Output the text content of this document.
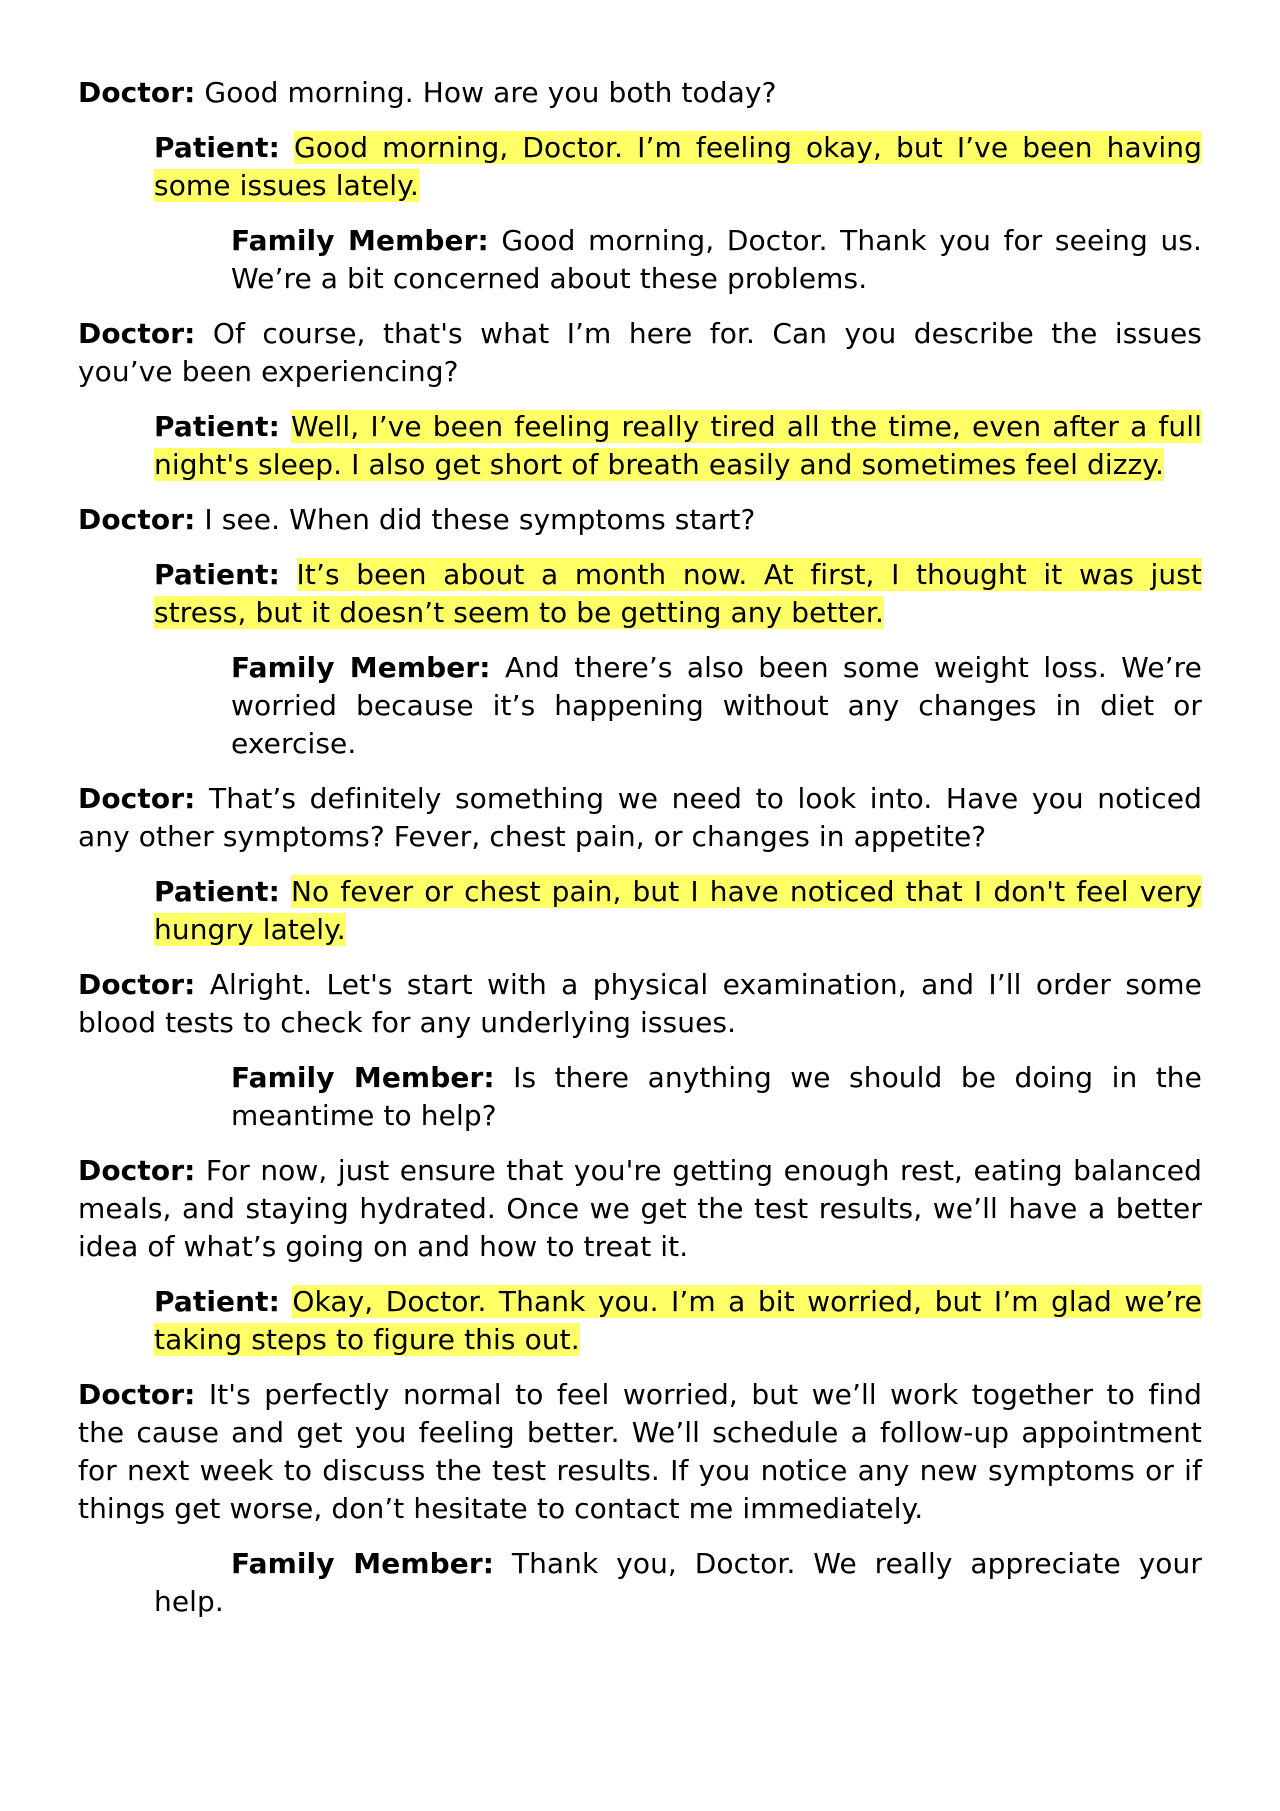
Doctor: Good morning. How are you both today?

Patient: Good morning, Doctor. I’m feeling okay, but I’ve been having some issues lately.

Family Member: Good morning, Doctor. Thank you for seeing us. We’re a bit concerned about these problems.

Doctor: Of course, that's what I’m here for. Can you describe the issues you’ve been experiencing?

Patient: Well, I’ve been feeling really tired all the time, even after a full night's sleep. I also get short of breath easily and sometimes feel dizzy.

Doctor: I see. When did these symptoms start?

Patient: It’s been about a month now. At first, I thought it was just stress, but it doesn’t seem to be getting any better.

Family Member: And there’s also been some weight loss. We’re worried because it’s happening without any changes in diet or exercise.

Doctor: That’s definitely something we need to look into. Have you noticed any other symptoms? Fever, chest pain, or changes in appetite?

Patient: No fever or chest pain, but I have noticed that I don't feel very hungry lately.

Doctor: Alright. Let's start with a physical examination, and I’ll order some blood tests to check for any underlying issues.

Family Member: Is there anything we should be doing in the meantime to help?

Doctor: For now, just ensure that you're getting enough rest, eating balanced meals, and staying hydrated. Once we get the test results, we’ll have a better idea of what’s going on and how to treat it.

Patient: Okay, Doctor. Thank you. I’m a bit worried, but I’m glad we’re taking steps to figure this out.

Doctor: It's perfectly normal to feel worried, but we’ll work together to find the cause and get you feeling better. We’ll schedule a follow-up appointment for next week to discuss the test results. If you notice any new symptoms or if things get worse, don’t hesitate to contact me immediately.

Family Member: Thank you, Doctor. We really appreciate your help.
